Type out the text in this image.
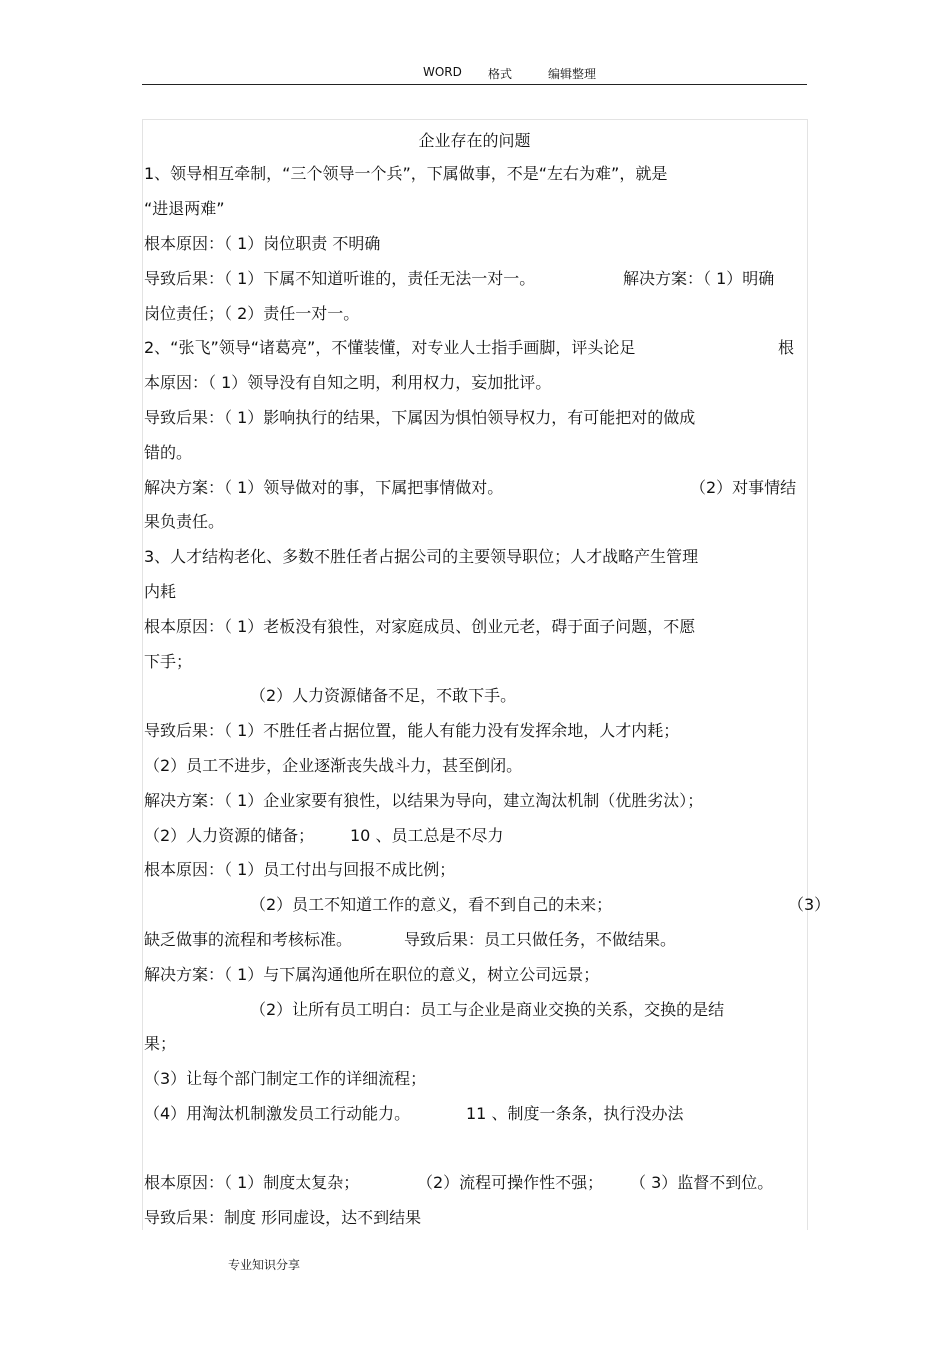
WORD 格式	编辑整理
企业存在的问题
1、领导相互牵制，“三个领导一个兵”，下属做事，不是“左右为难”，就是
“进退两难”
根本原因：（ 1）岗位职责 不明确
导致后果：（ 1）下属不知道听谁的，责任无法一对一。	解决方案：（ 1）明确
岗位责任；（ 2）责任一对一。
2、“张飞”领导“诸葛亮”，不懂装懂，对专业人士指手画脚，评头论足	根
本原因：（ 1）领导没有自知之明，利用权力，妄加批评。
导致后果：（ 1）影响执行的结果，下属因为惧怕领导权力，有可能把对的做成
错的。
解决方案：（ 1）领导做对的事，下属把事情做对。	（2）对事情结
果负责任。
3、人才结构老化、多数不胜任者占据公司的主要领导职位；人才战略产生管理
内耗
根本原因：（ 1）老板没有狼性，对家庭成员、创业元老，碍于面子问题，不愿
下手；
（2）人力资源储备不足，不敢下手。
导致后果：（ 1）不胜任者占据位置，能人有能力没有发挥余地，人才内耗；
（2）员工不进步，企业逐渐丧失战斗力，甚至倒闭。
解决方案：（ 1）企业家要有狼性，以结果为导向，建立淘汰机制（优胜劣汰）；
（2）人力资源的储备； 10 、员工总是不尽力
根本原因：（ 1）员工付出与回报不成比例；
（2）员工不知道工作的意义，看不到自己的未来；	（3）
缺乏做事的流程和考核标准。	导致后果：员工只做任务，不做结果。
解决方案：（ 1）与下属沟通他所在职位的意义，树立公司远景；
（2）让所有员工明白：员工与企业是商业交换的关系，交换的是结
果；
（3）让每个部门制定工作的详细流程；
（4）用淘汰机制激发员工行动能力。	11 、制度一条条，执行没办法
根本原因：（ 1）制度太复杂；	（2）流程可操作性不强； （ 3）监督不到位。
导致后果：制度 形同虚设，达不到结果
专业知识分享
